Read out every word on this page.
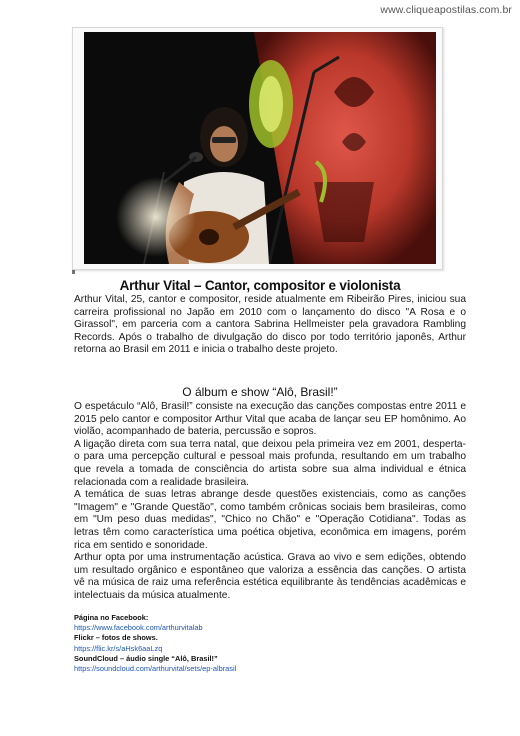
www.cliqueapostilas.com.br
Arthur Vital – Cantor, compositor e violonista
Arthur Vital, 25, cantor e compositor, reside atualmente em Ribeirão Pires, iniciou sua carreira profissional no Japão em 2010 com o lançamento do disco "A Rosa e o Girassol", em parceria com a cantora Sabrina Hellmeister pela gravadora Rambling Records. Após o trabalho de divulgação do disco por todo território japonês, Arthur retorna ao Brasil em 2011 e inicia o trabalho deste projeto.
O álbum e show “Alô, Brasil!”
O espetáculo “Alô, Brasil!” consiste na execução das canções compostas entre 2011 e 2015 pelo cantor e compositor Arthur Vital que acaba de lançar seu EP homônimo. Ao violão, acompanhado de bateria, percussão e sopros.
A ligação direta com sua terra natal, que deixou pela primeira vez em 2001, desperta-o para uma percepção cultural e pessoal mais profunda, resultando em um trabalho que revela a tomada de consciência do artista sobre sua alma individual e étnica relacionada com a realidade brasileira.
A temática de suas letras abrange desde questões existenciais, como as canções "Imagem" e "Grande Questão", como também crônicas sociais bem brasileiras, como em "Um peso duas medidas", "Chico no Chão" e "Operação Cotidiana". Todas as letras têm como característica uma poética objetiva, econômica em imagens, porém rica em sentido e sonoridade.
Arthur opta por uma instrumentação acústica. Grava ao vivo e sem edições, obtendo um resultado orgânico e espontâneo que valoriza a essência das canções. O artista vê na música de raiz uma referência estética equilibrante às tendências acadêmicas e intelectuais da música atualmente.
Página no Facebook:
https://www.facebook.com/arthurvitalab
Flickr – fotos de shows.
https://flic.kr/s/aHsk6aaLzq
SoundCloud – áudio single “Alô, Brasil!”
https://soundcloud.com/arthurvital/sets/ep-albrasil
